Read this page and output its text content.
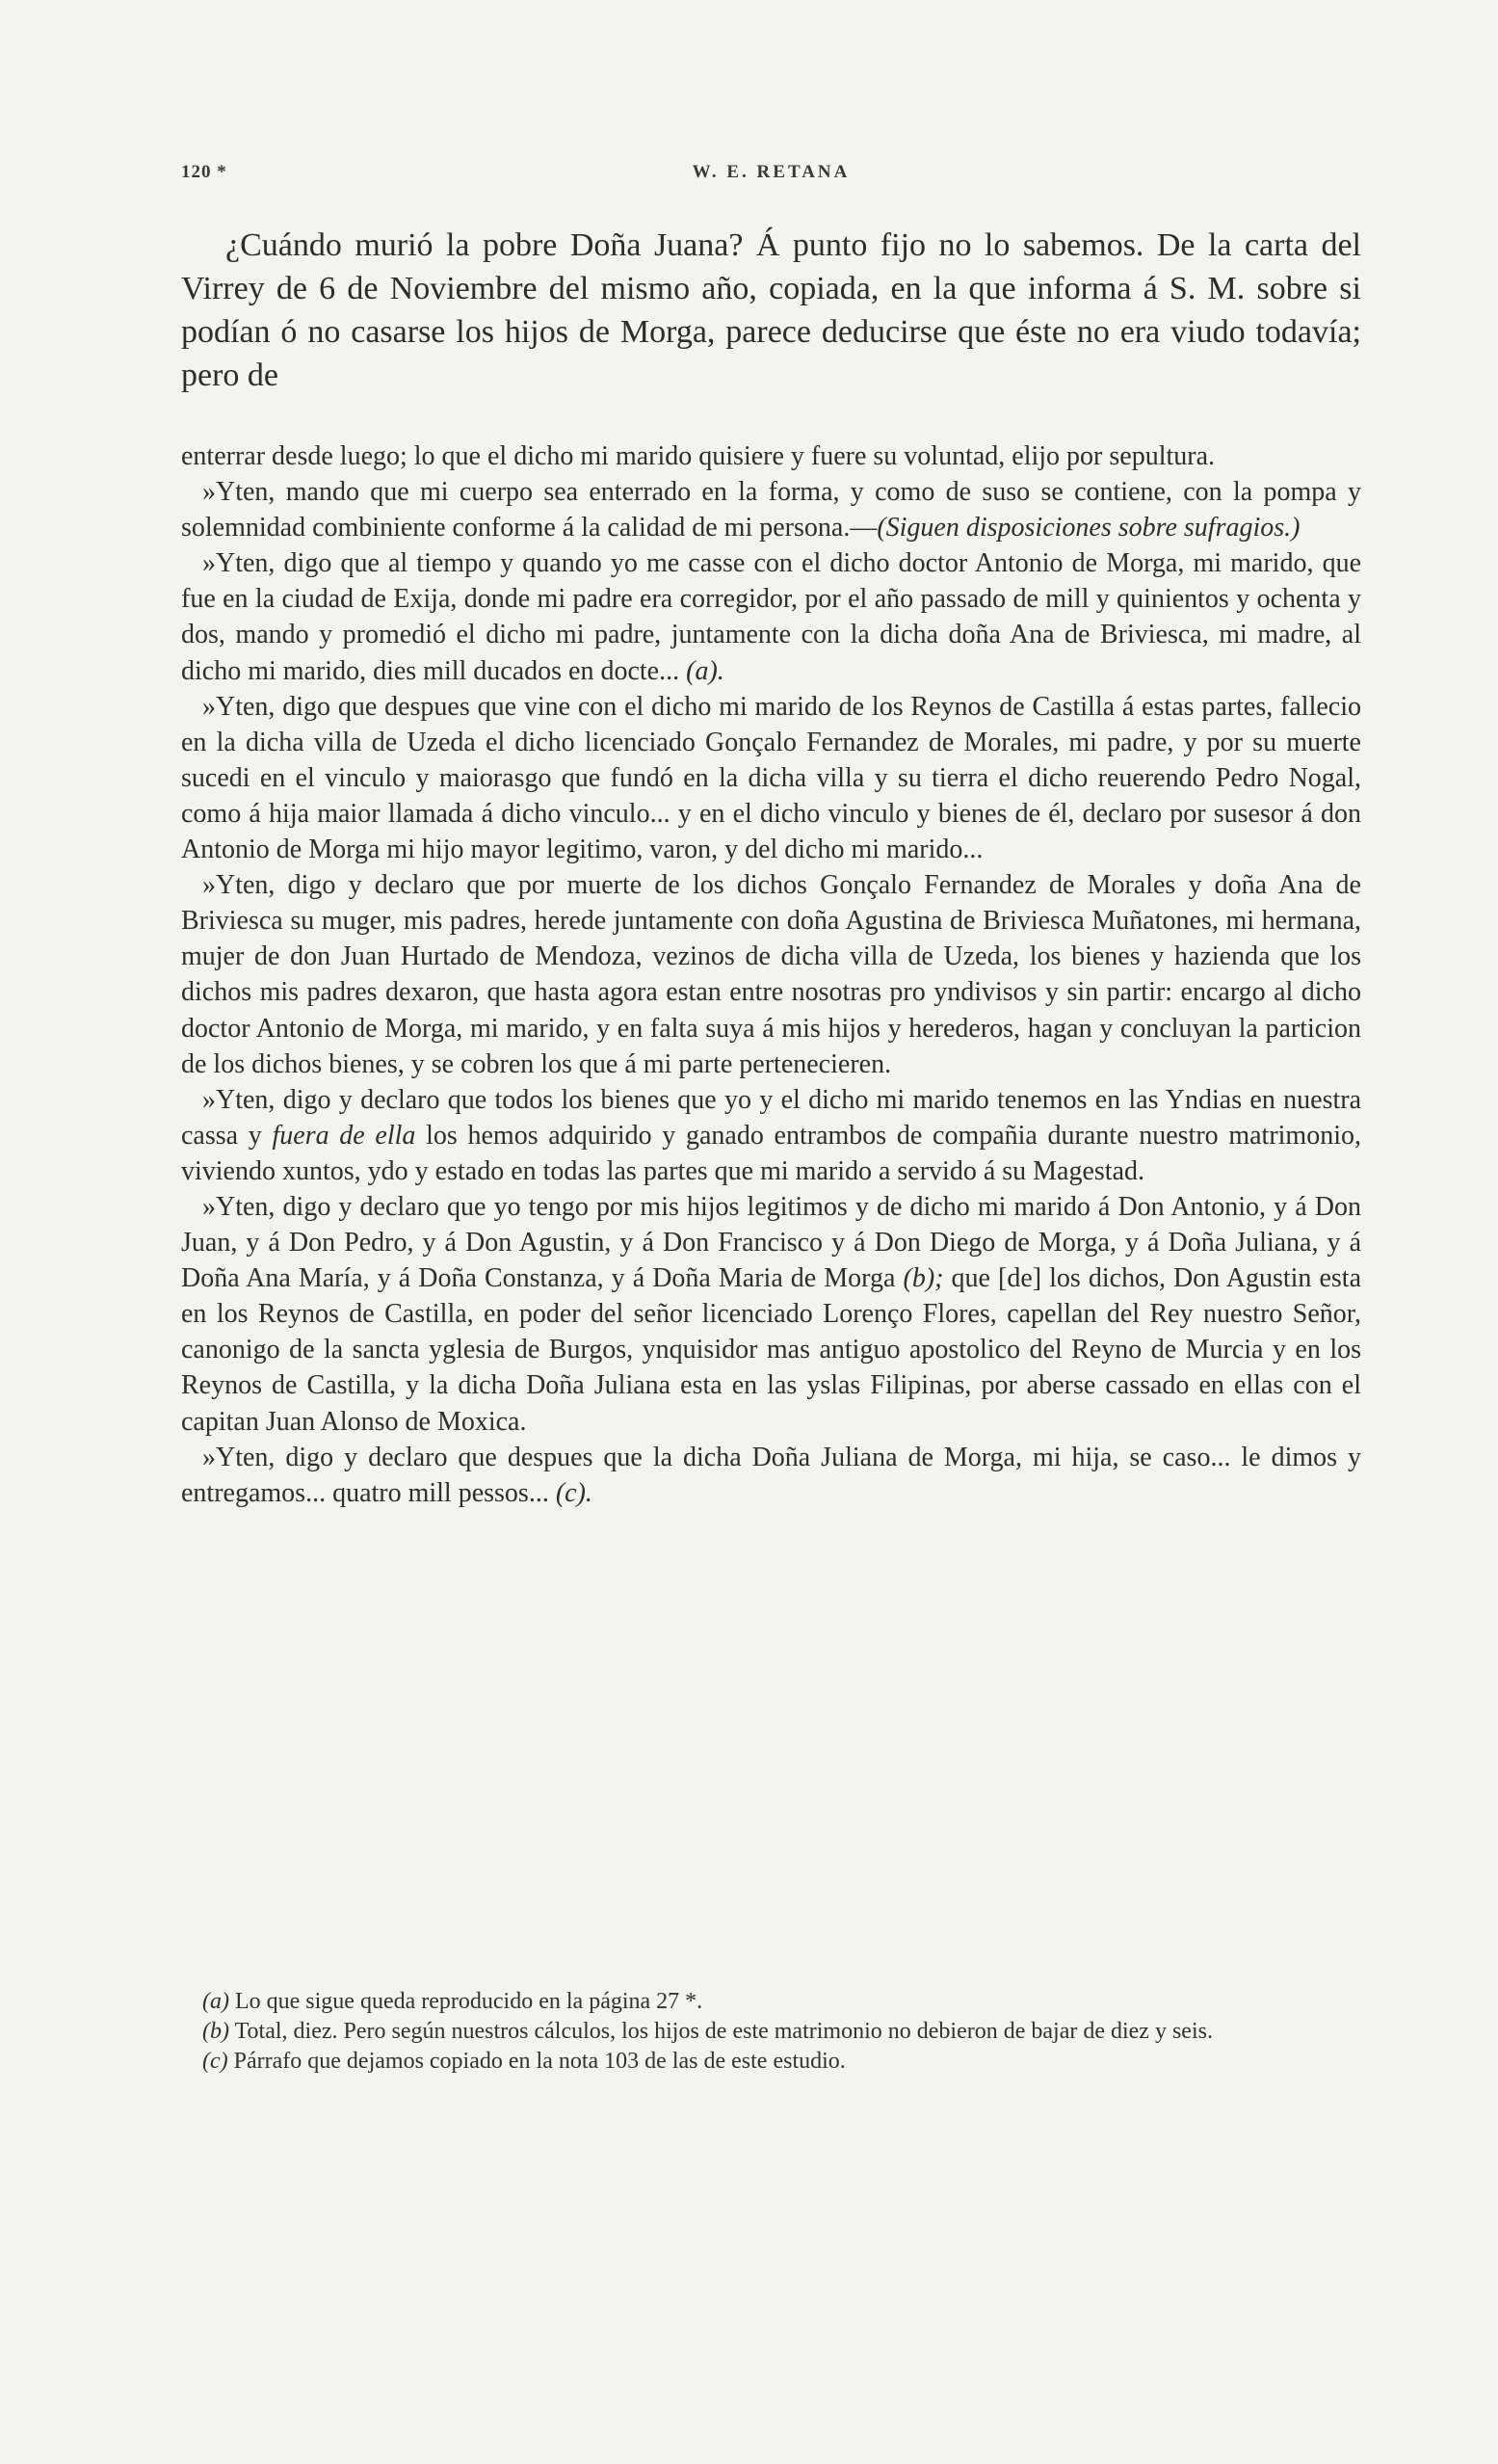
120 *	W. E. RETANA

¿Cuándo murió la pobre Doña Juana? Á punto fijo no lo sabemos. De la carta del Virrey de 6 de Noviembre del mismo año, copiada, en la que informa á S. M. sobre si podían ó no casarse los hijos de Morga, parece deducirse que éste no era viudo todavía; pero de

enterrar desde luego; lo que el dicho mi marido quisiere y fuere su voluntad, elijo por sepultura.

»Yten, mando que mi cuerpo sea enterrado en la forma, y como de suso se contiene, con la pompa y solemnidad combiniente conforme á la calidad de mi persona.—(Siguen disposiciones sobre sufragios.)

»Yten, digo que al tiempo y quando yo me casse con el dicho doctor Antonio de Morga, mi marido, que fue en la ciudad de Exija, donde mi padre era corregidor, por el año passado de mill y quinientos y ochenta y dos, mando y promedió el dicho mi padre, juntamente con la dicha doña Ana de Briviesca, mi madre, al dicho mi marido, dies mill ducados en docte... (a).

»Yten, digo que despues que vine con el dicho mi marido de los Reynos de Castilla á estas partes, fallecio en la dicha villa de Uzeda el dicho licenciado Gonçalo Fernandez de Morales, mi padre, y por su muerte sucedi en el vinculo y maiorasgo que fundó en la dicha villa y su tierra el dicho reuerendo Pedro Nogal, como á hija maior llamada á dicho vinculo... y en el dicho vinculo y bienes de él, declaro por susesor á don Antonio de Morga mi hijo mayor legitimo, varon, y del dicho mi marido...

»Yten, digo y declaro que por muerte de los dichos Gonçalo Fernandez de Morales y doña Ana de Briviesca su muger, mis padres, herede juntamente con doña Agustina de Briviesca Muñatones, mi hermana, mujer de don Juan Hurtado de Mendoza, vezinos de dicha villa de Uzeda, los bienes y hazienda que los dichos mis padres dexaron, que hasta agora estan entre nosotras pro yndivisos y sin partir: encargo al dicho doctor Antonio de Morga, mi marido, y en falta suya á mis hijos y herederos, hagan y concluyan la particion de los dichos bienes, y se cobren los que á mi parte pertenecieren.

»Yten, digo y declaro que todos los bienes que yo y el dicho mi marido tenemos en las Yndias en nuestra cassa y fuera de ella los hemos adquirido y ganado entrambos de compañia durante nuestro matrimonio, viviendo xuntos, ydo y estado en todas las partes que mi marido a servido á su Magestad.

»Yten, digo y declaro que yo tengo por mis hijos legitimos y de dicho mi marido á Don Antonio, y á Don Juan, y á Don Pedro, y á Don Agustin, y á Don Francisco y á Don Diego de Morga, y á Doña Juliana, y á Doña Ana María, y á Doña Constanza, y á Doña Maria de Morga (b); que [de] los dichos, Don Agustin esta en los Reynos de Castilla, en poder del señor licenciado Lorenço Flores, capellan del Rey nuestro Señor, canonigo de la sancta yglesia de Burgos, ynquisidor mas antiguo apostolico del Reyno de Murcia y en los Reynos de Castilla, y la dicha Doña Juliana esta en las yslas Filipinas, por aberse cassado en ellas con el capitan Juan Alonso de Moxica.

»Yten, digo y declaro que despues que la dicha Doña Juliana de Morga, mi hija, se caso... le dimos y entregamos... quatro mill pessos... (c).

(a) Lo que sigue queda reproducido en la página 27 *.

(b) Total, diez. Pero según nuestros cálculos, los hijos de este matrimonio no debieron de bajar de diez y seis.

(c) Párrafo que dejamos copiado en la nota 103 de las de este estudio.
